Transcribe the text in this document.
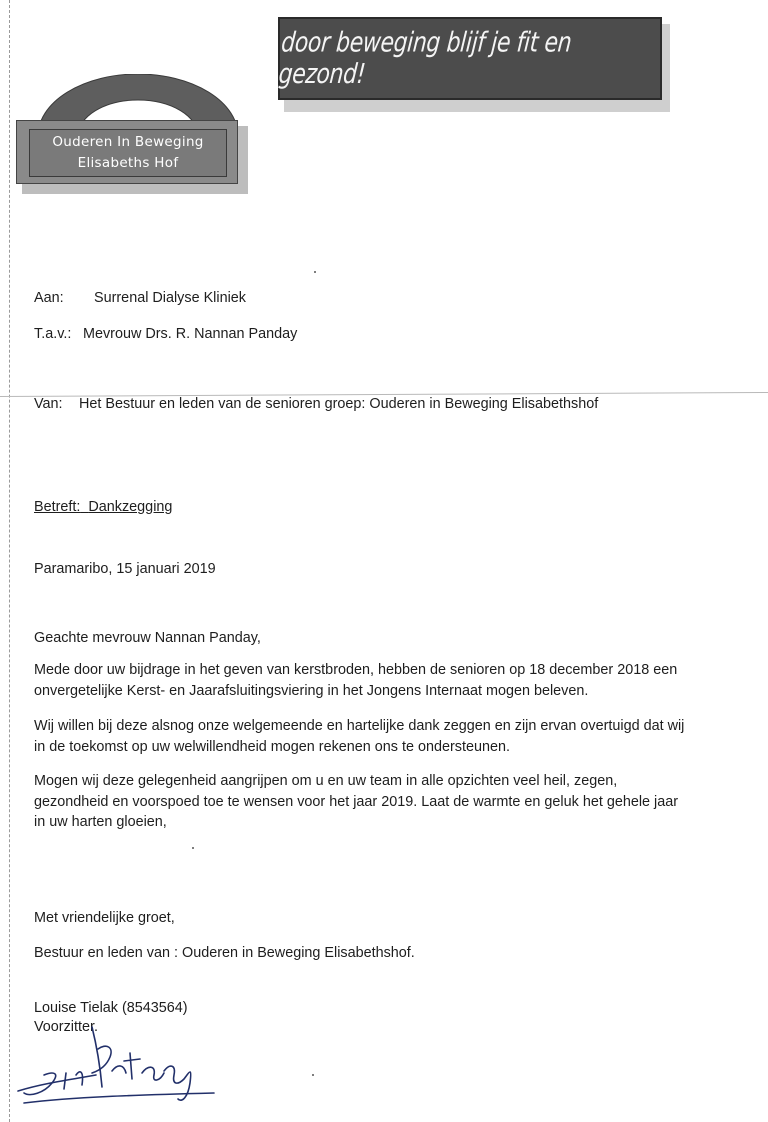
door beweging blijf je fit en gezond!
Ouderen In Beweging
Elisabeths Hof
Aan: Surrenal Dialyse Kliniek
T.a.v.: Mevrouw Drs. R. Nannan Panday
Van: Het Bestuur en leden van de senioren groep: Ouderen in Beweging Elisabethshof
Betreft: Dankzegging
Paramaribo, 15 januari 2019
Geachte mevrouw Nannan Panday,
Mede door uw bijdrage in het geven van kerstbroden, hebben de senioren op 18 december 2018 een
onvergetelijke Kerst- en Jaarafsluitingsviering in het Jongens Internaat mogen beleven.
Wij willen bij deze alsnog onze welgemeende en hartelijke dank zeggen en zijn ervan overtuigd dat wij
in de toekomst op uw welwillendheid mogen rekenen ons te ondersteunen.
Mogen wij deze gelegenheid aangrijpen om u en uw team in alle opzichten veel heil, zegen,
gezondheid en voorspoed toe te wensen voor het jaar 2019. Laat de warmte en geluk het gehele jaar
in uw harten gloeien,
Met vriendelijke groet,
Bestuur en leden van : Ouderen in Beweging Elisabethshof.
Louise Tielak (8543564)
Voorzitter.
